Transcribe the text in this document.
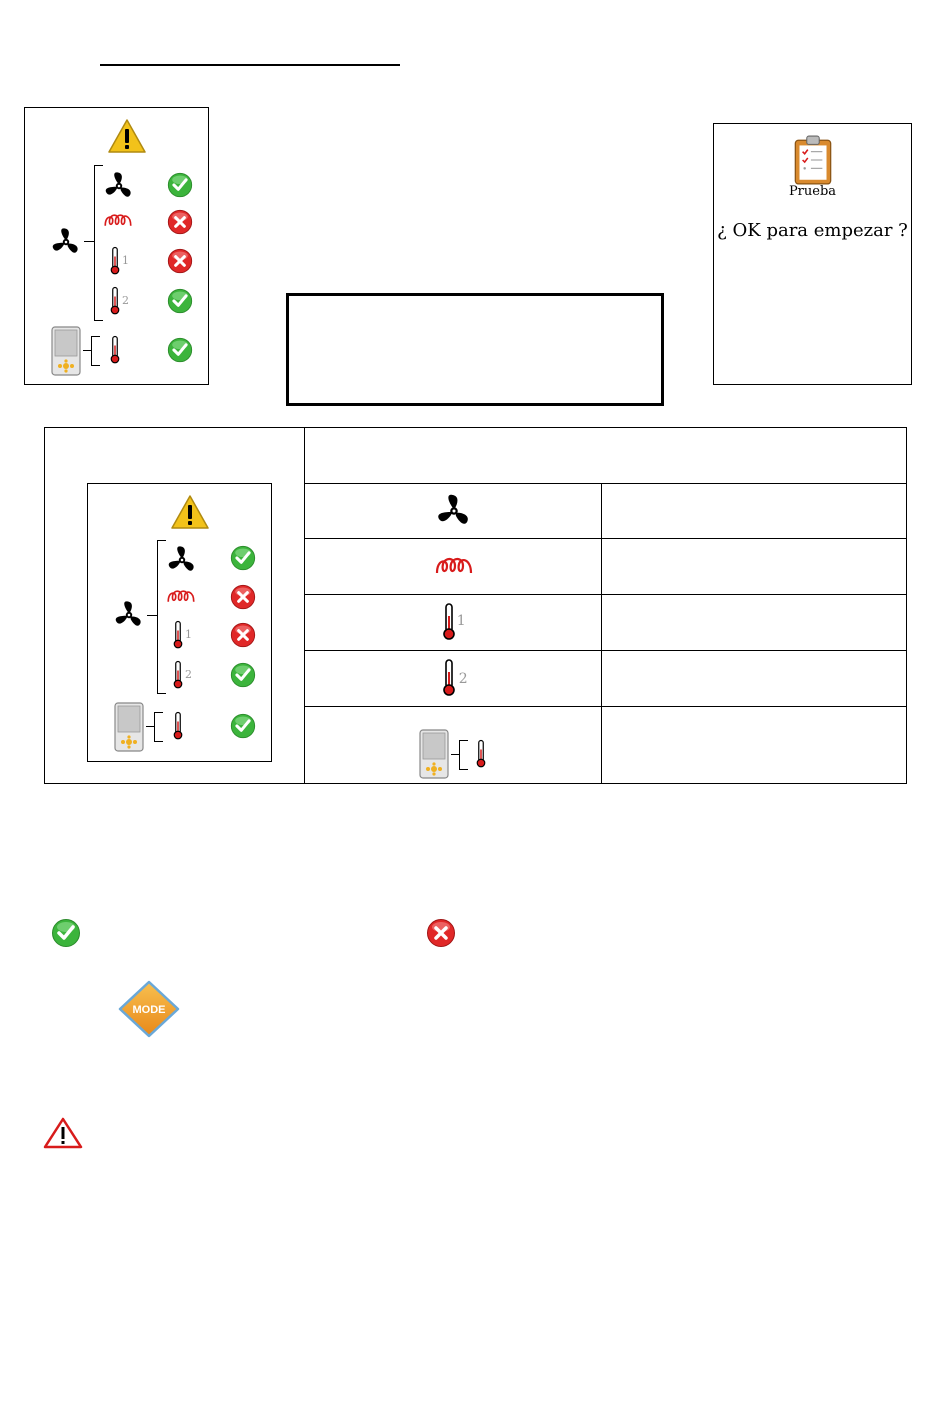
1
2
Prueba
¿ OK para empezar ?
1
2		

	1	

	2	

MODE
